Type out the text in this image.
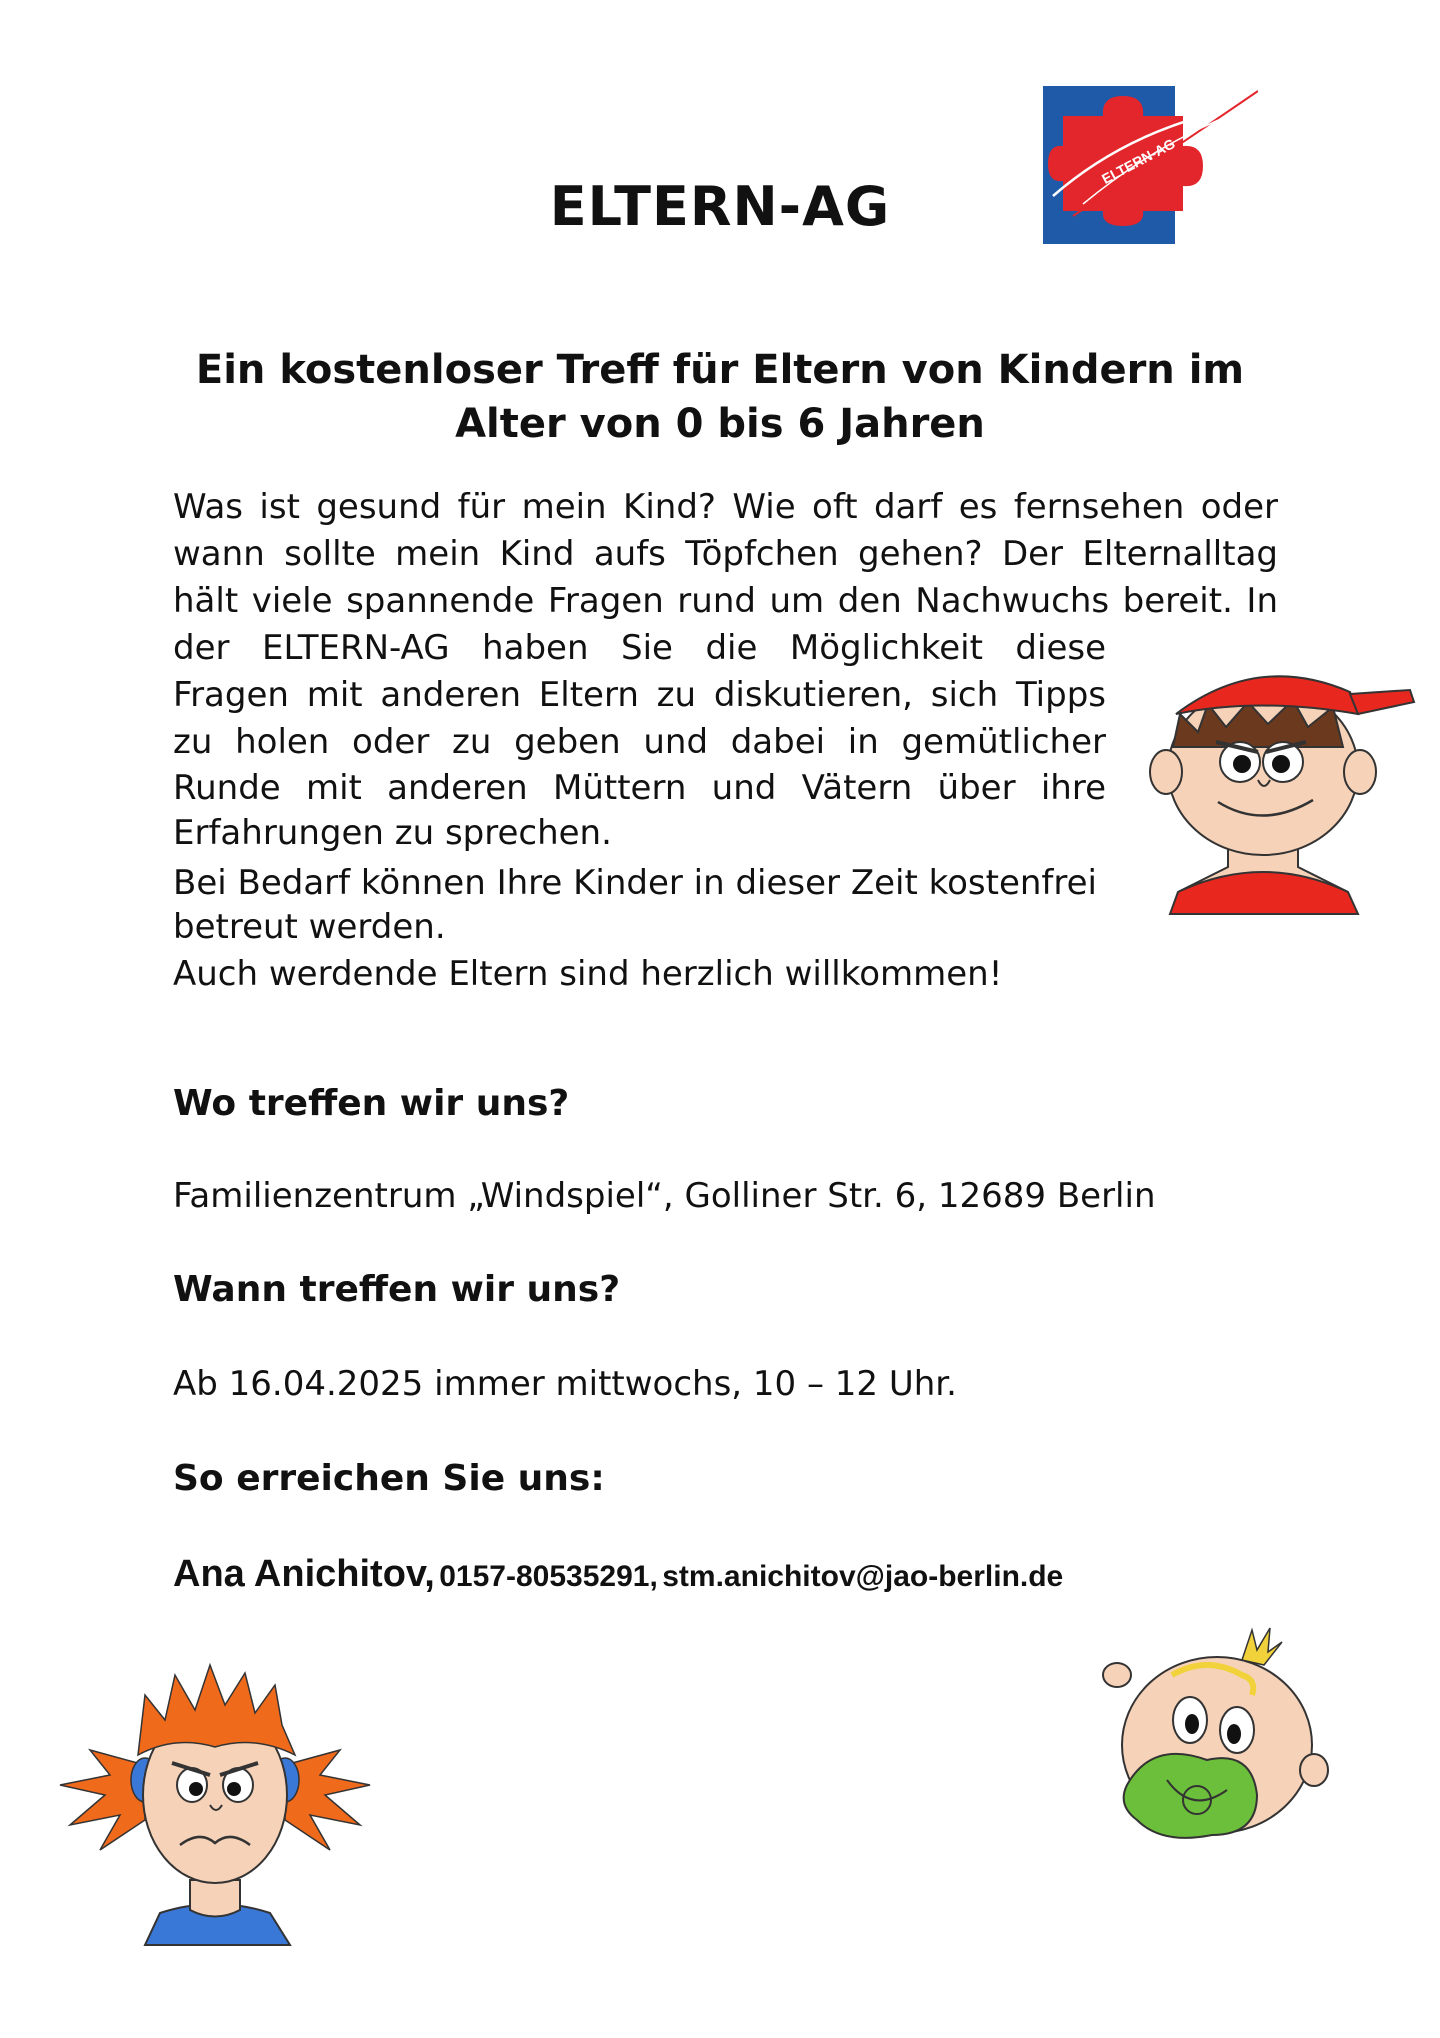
ELTERN-AG
ELTERN-AG
Ein kostenloser Treff für Eltern von Kindern im
Alter von 0 bis 6 Jahren
Was ist gesund für mein Kind? Wie oft darf es fernsehen oder
wann sollte mein Kind aufs Töpfchen gehen? Der Elternalltag
hält viele spannende Fragen rund um den Nachwuchs bereit. In
der ELTERN-AG haben Sie die Möglichkeit diese
Fragen mit anderen Eltern zu diskutieren, sich Tipps
zu holen oder zu geben und dabei in gemütlicher
Runde mit anderen Müttern und Vätern über ihre
Erfahrungen zu sprechen.
Bei Bedarf können Ihre Kinder in dieser Zeit kostenfrei
betreut werden.
Auch werdende Eltern sind herzlich willkommen!
Wo treffen wir uns?
Familienzentrum „Windspiel“, Golliner Str. 6, 12689 Berlin
Wann treffen wir uns?
Ab 16.04.2025 immer mittwochs, 10 – 12 Uhr.
So erreichen Sie uns:
Ana Anichitov, 0157-80535291, stm.anichitov@jao-berlin.de
